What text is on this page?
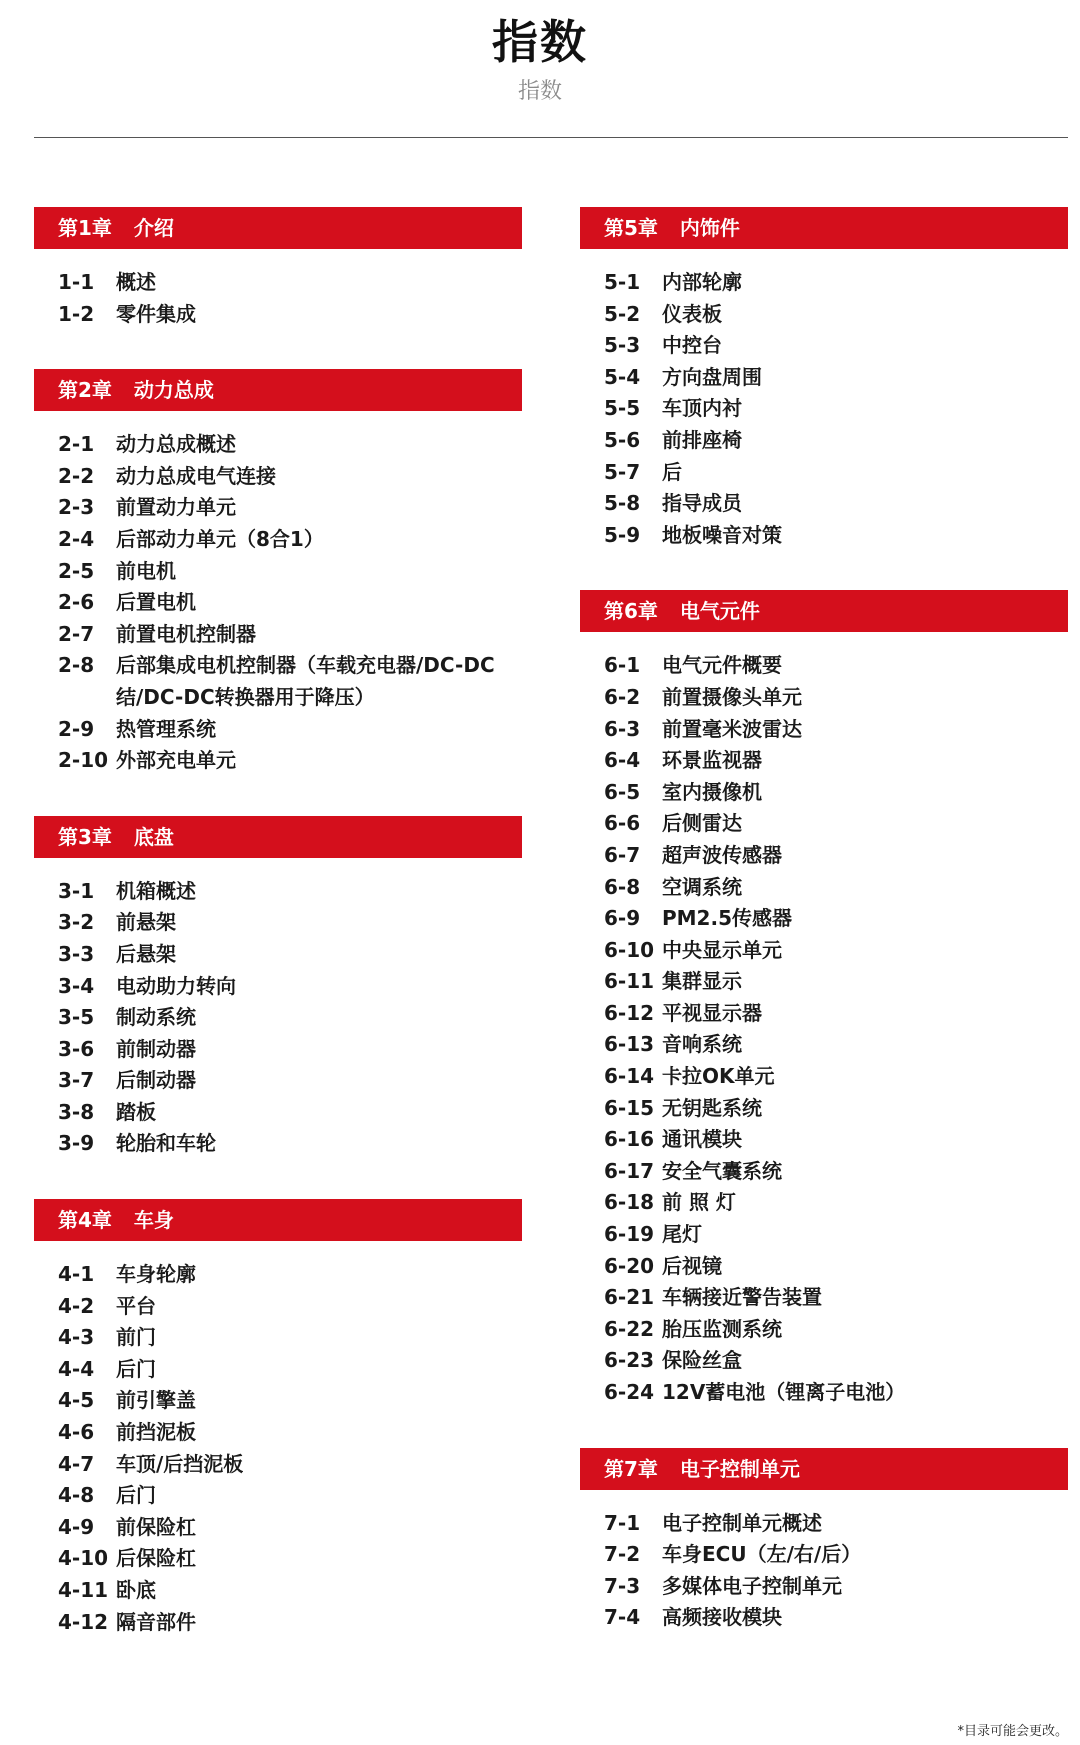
指数
指数
第1章 介绍
1-1	概述
1-2	零件集成
第2章 动力总成
2-1	动力总成概述
2-2	动力总成电气连接
2-3	前置动力单元
2-4	后部动力单元（8合1）
2-5	前电机
2-6	后置电机
2-7	前置电机控制器
2-8	后部集成电机控制器（车载充电器/DC-DC结/DC-DC转换器用于降压）
2-9	热管理系统
2-10 外部充电单元
第3章 底盘
3-1	机箱概述
3-2	前悬架
3-3	后悬架
3-4	电动助力转向
3-5	制动系统
3-6	前制动器
3-7	后制动器
3-8	踏板
3-9	轮胎和车轮
第4章 车身
4-1	车身轮廓
4-2	平台
4-3	前门
4-4	后门
4-5	前引擎盖
4-6	前挡泥板
4-7	车顶/后挡泥板
4-8	后门
4-9	前保险杠
4-10 后保险杠
4-11 卧底
4-12 隔音部件
第5章 内饰件
5-1	内部轮廓
5-2	仪表板
5-3	中控台
5-4	方向盘周围
5-5	车顶内衬
5-6	前排座椅
5-7	后
5-8	指导成员
5-9	地板噪音对策
第6章 电气元件
6-1	电气元件概要
6-2	前置摄像头单元
6-3	前置毫米波雷达
6-4	环景监视器
6-5	室内摄像机
6-6	后侧雷达
6-7	超声波传感器
6-8	空调系统
6-9	PM2.5传感器
6-10 中央显示单元
6-11 集群显示
6-12 平视显示器
6-13 音响系统
6-14 卡拉OK单元
6-15 无钥匙系统
6-16 通讯模块
6-17 安全气囊系统
6-18 前 照 灯
6-19 尾灯
6-20 后视镜
6-21 车辆接近警告装置
6-22 胎压监测系统
6-23 保险丝盒
6-24 12V蓄电池（锂离子电池）
第7章 电子控制单元
7-1	电子控制单元概述
7-2	车身ECU（左/右/后）
7-3	多媒体电子控制单元
7-4	高频接收模块
*目录可能会更改。
